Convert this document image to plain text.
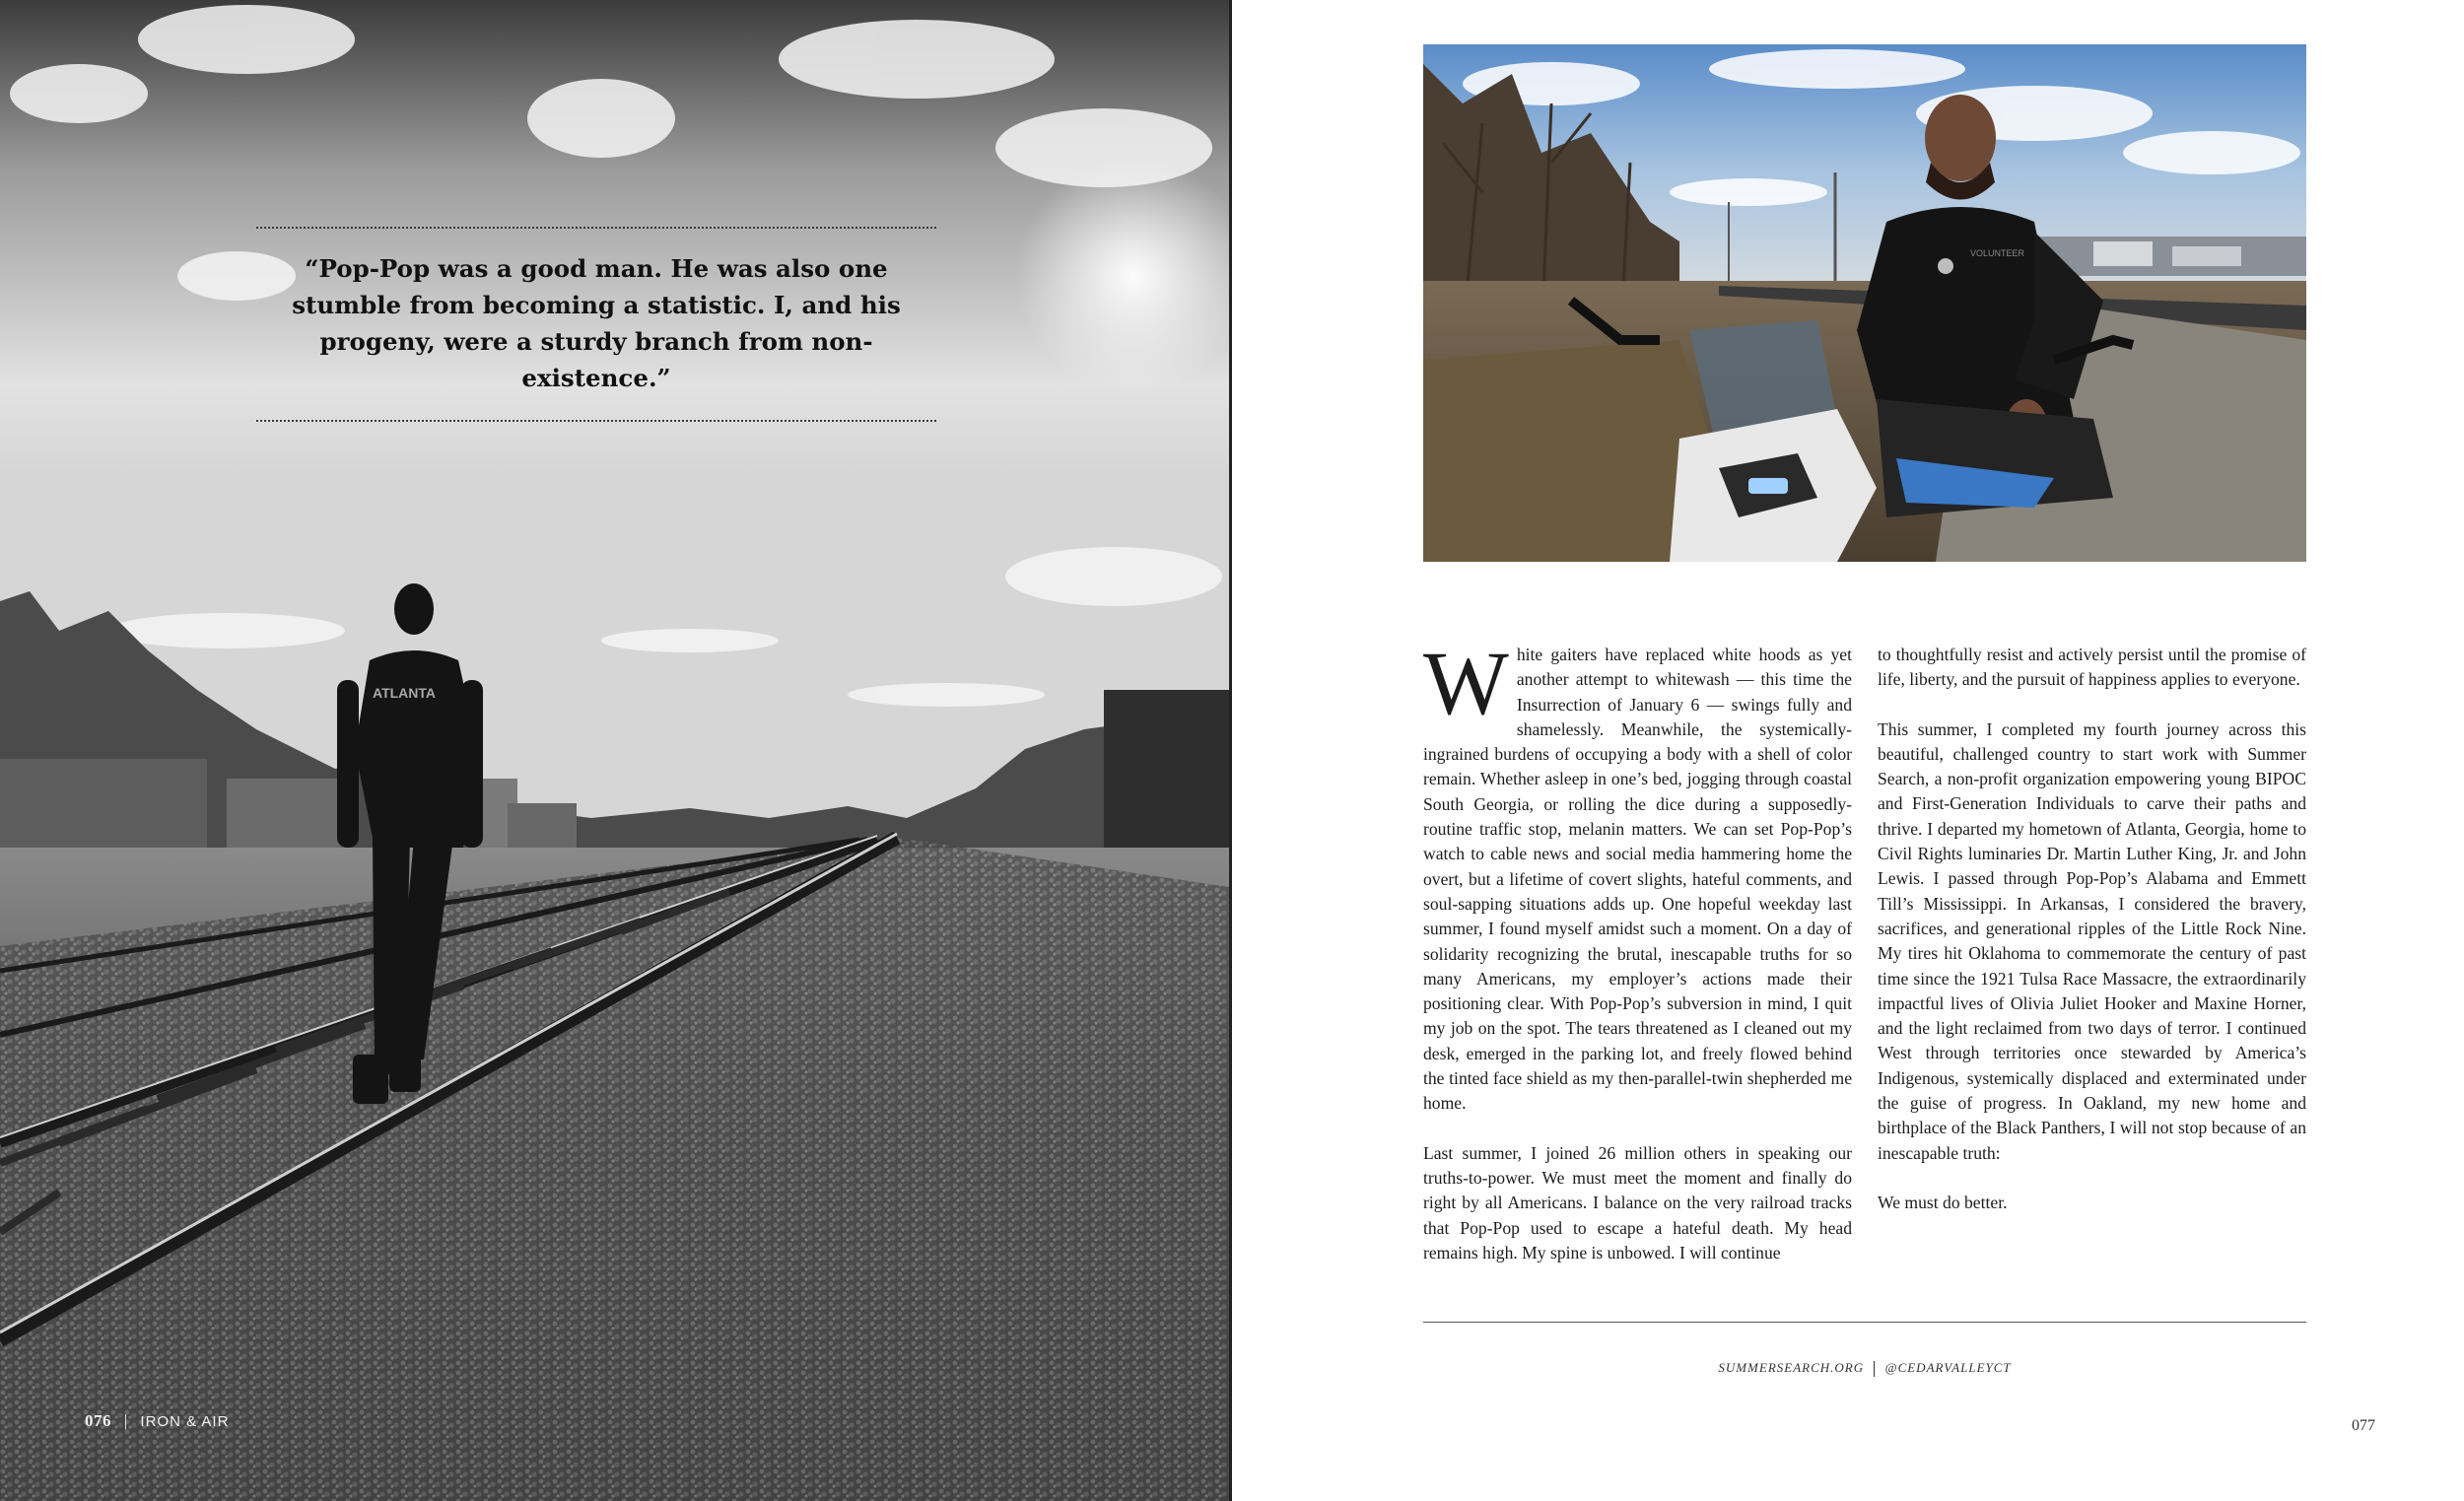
ATLANTA
“Pop-Pop was a good man. He was also one stumble from becoming a statistic. I, and his progeny, were a sturdy branch from non-existence.”
076 | IRON & AIR
VOLUNTEER

White gaiters have replaced white hoods as yet another attempt to whitewash — this time the Insurrection of January 6 — swings fully and shamelessly. Meanwhile, the systemically-ingrained burdens of occupying a body with a shell of color remain. Whether asleep in one’s bed, jogging through coastal South Georgia, or rolling the dice during a supposedly-routine traffic stop, melanin matters. We can set Pop-Pop’s watch to cable news and social media hammering home the overt, but a lifetime of covert slights, hateful comments, and soul-sapping situations adds up. One hopeful weekday last summer, I found myself amidst such a moment. On a day of solidarity recognizing the brutal, inescapable truths for so many Americans, my employer’s actions made their positioning clear. With Pop-Pop’s subversion in mind, I quit my job on the spot. The tears threatened as I cleaned out my desk, emerged in the parking lot, and freely flowed behind the tinted face shield as my then-parallel-twin shepherded me home.

Last summer, I joined 26 million others in speaking our truths-to-power. We must meet the moment and finally do right by all Americans. I balance on the very railroad tracks that Pop-Pop used to escape a hateful death. My head remains high. My spine is unbowed. I will continue

to thoughtfully resist and actively persist until the promise of life, liberty, and the pursuit of happiness applies to everyone.

This summer, I completed my fourth journey across this beautiful, challenged country to start work with Summer Search, a non-profit organization empowering young BIPOC and First-Generation Individuals to carve their paths and thrive. I departed my hometown of Atlanta, Georgia, home to Civil Rights luminaries Dr. Martin Luther King, Jr. and John Lewis. I passed through Pop-Pop’s Alabama and Emmett Till’s Mississippi. In Arkansas, I considered the bravery, sacrifices, and generational ripples of the Little Rock Nine. My tires hit Oklahoma to commemorate the century of past time since the 1921 Tulsa Race Massacre, the extraordinarily impactful lives of Olivia Juliet Hooker and Maxine Horner, and the light reclaimed from two days of terror. I continued West through territories once stewarded by America’s Indigenous, systemically displaced and exterminated under the guise of progress. In Oakland, my new home and birthplace of the Black Panthers, I will not stop because of an inescapable truth:

We must do better.

SUMMERSEARCH.ORG @CEDARVALLEYCT
077
